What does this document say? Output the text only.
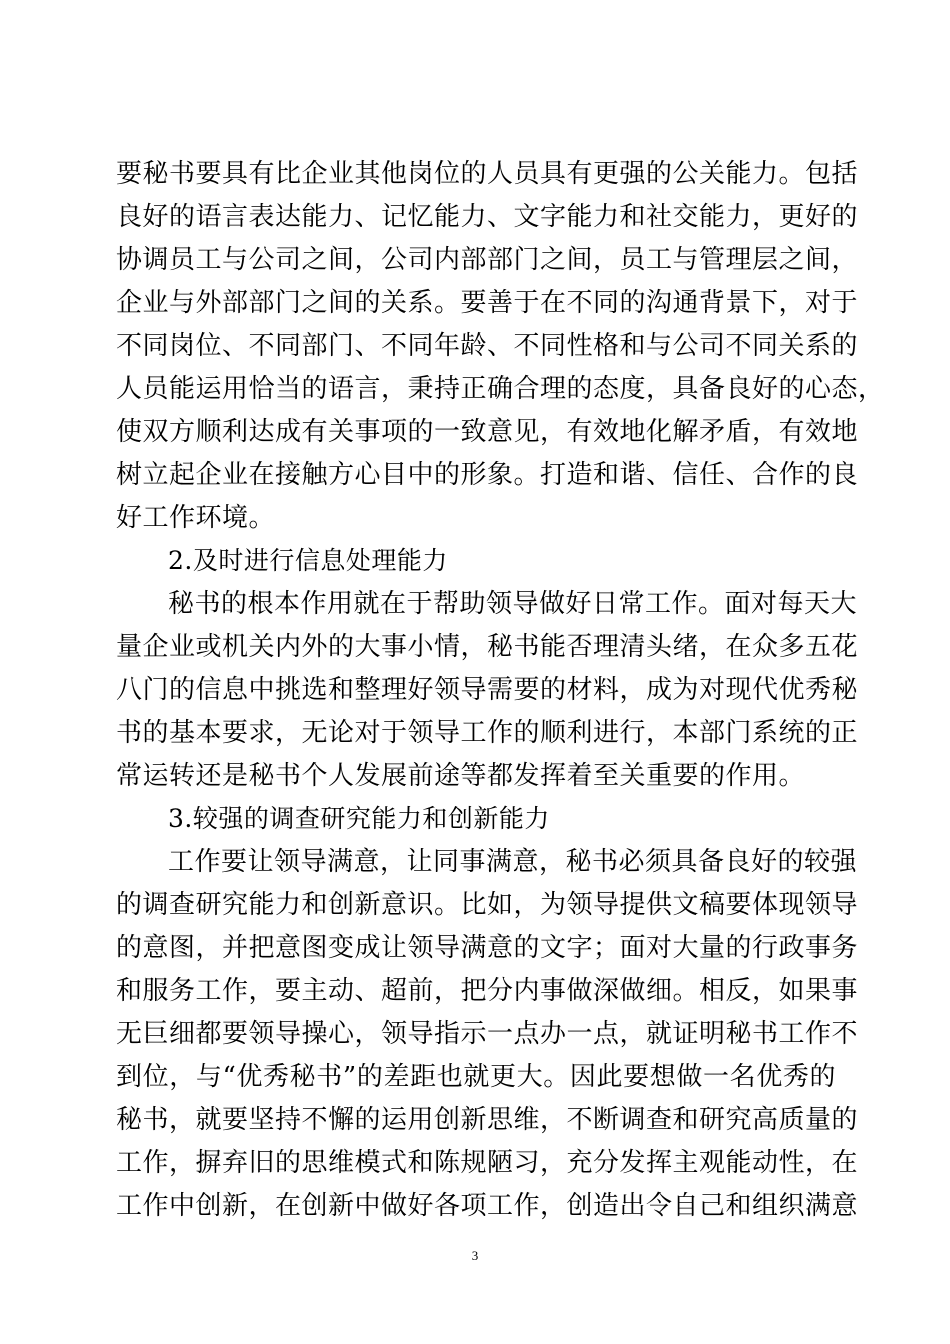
要秘书要具有比企业其他岗位的人员具有更强的公关能力。包括
良好的语言表达能力、记忆能力、文字能力和社交能力，更好的
协调员工与公司之间，公司内部部门之间，员工与管理层之间，
企业与外部部门之间的关系。要善于在不同的沟通背景下，对于
不同岗位、不同部门、不同年龄、不同性格和与公司不同关系的
人员能运用恰当的语言，秉持正确合理的态度，具备良好的心态，
使双方顺利达成有关事项的一致意见，有效地化解矛盾，有效地
树立起企业在接触方心目中的形象。打造和谐、信任、合作的良
好工作环境。
2.及时进行信息处理能力
秘书的根本作用就在于帮助领导做好日常工作。面对每天大
量企业或机关内外的大事小情，秘书能否理清头绪，在众多五花
八门的信息中挑选和整理好领导需要的材料，成为对现代优秀秘
书的基本要求，无论对于领导工作的顺利进行，本部门系统的正
常运转还是秘书个人发展前途等都发挥着至关重要的作用。
3.较强的调查研究能力和创新能力
工作要让领导满意，让同事满意，秘书必须具备良好的较强
的调查研究能力和创新意识。比如，为领导提供文稿要体现领导
的意图，并把意图变成让领导满意的文字；面对大量的行政事务
和服务工作，要主动、超前，把分内事做深做细。相反，如果事
无巨细都要领导操心，领导指示一点办一点，就证明秘书工作不
到位，与“优秀秘书”的差距也就更大。因此要想做一名优秀的
秘书，就要坚持不懈的运用创新思维，不断调查和研究高质量的
工作，摒弃旧的思维模式和陈规陋习，充分发挥主观能动性，在
工作中创新，在创新中做好各项工作，创造出令自己和组织满意
3
